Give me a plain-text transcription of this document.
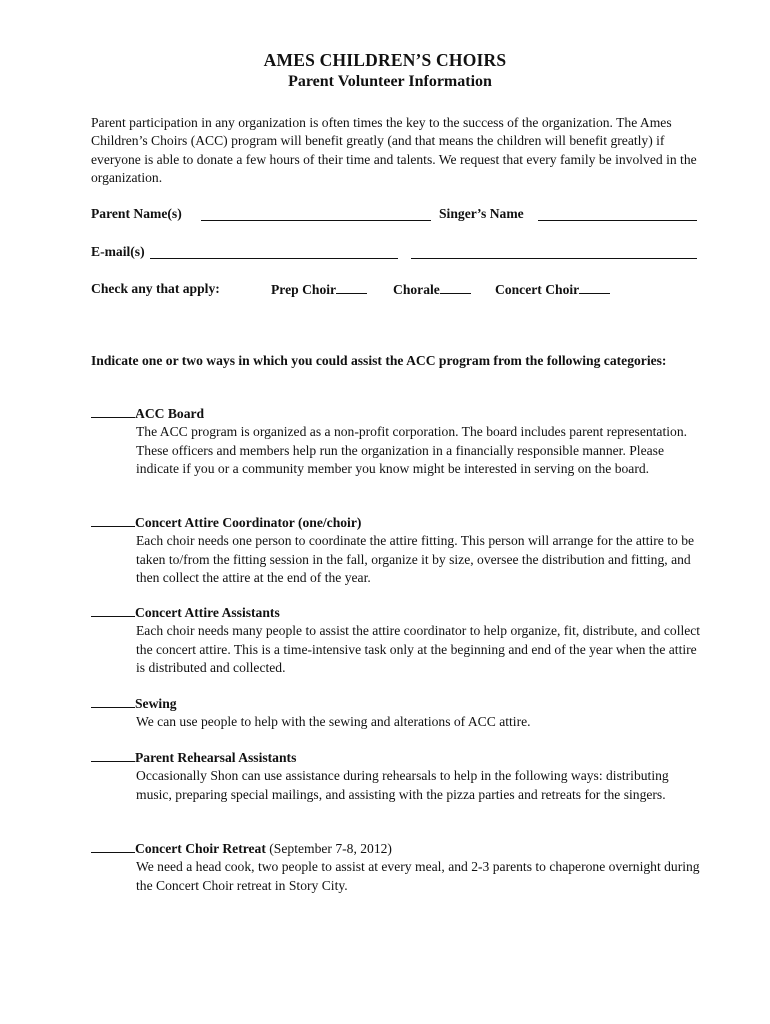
AMES CHILDREN’S CHOIRS
Parent Volunteer Information
Parent participation in any organization is often times the key to the success of the organization. The Ames Children’s Choirs (ACC) program will benefit greatly (and that means the children will benefit greatly) if everyone is able to donate a few hours of their time and talents. We request that every family be involved in the organization.
Parent Name(s)	Singer’s Name
E-mail(s)
Check any that apply:	Prep Choir	Chorale	Concert Choir
Indicate one or two ways in which you could assist the ACC program from the following categories:
ACC Board
The ACC program is organized as a non-profit corporation. The board includes parent representation. These officers and members help run the organization in a financially responsible manner. Please indicate if you or a community member you know might be interested in serving on the board.
Concert Attire Coordinator (one/choir)
Each choir needs one person to coordinate the attire fitting. This person will arrange for the attire to be taken to/from the fitting session in the fall, organize it by size, oversee the distribution and fitting, and then collect the attire at the end of the year.
Concert Attire Assistants
Each choir needs many people to assist the attire coordinator to help organize, fit, distribute, and collect the concert attire. This is a time-intensive task only at the beginning and end of the year when the attire is distributed and collected.
Sewing
We can use people to help with the sewing and alterations of ACC attire.
Parent Rehearsal Assistants
Occasionally Shon can use assistance during rehearsals to help in the following ways: distributing music, preparing special mailings, and assisting with the pizza parties and retreats for the singers.
Concert Choir Retreat (September 7-8, 2012)
We need a head cook, two people to assist at every meal, and 2-3 parents to chaperone overnight during the Concert Choir retreat in Story City.
